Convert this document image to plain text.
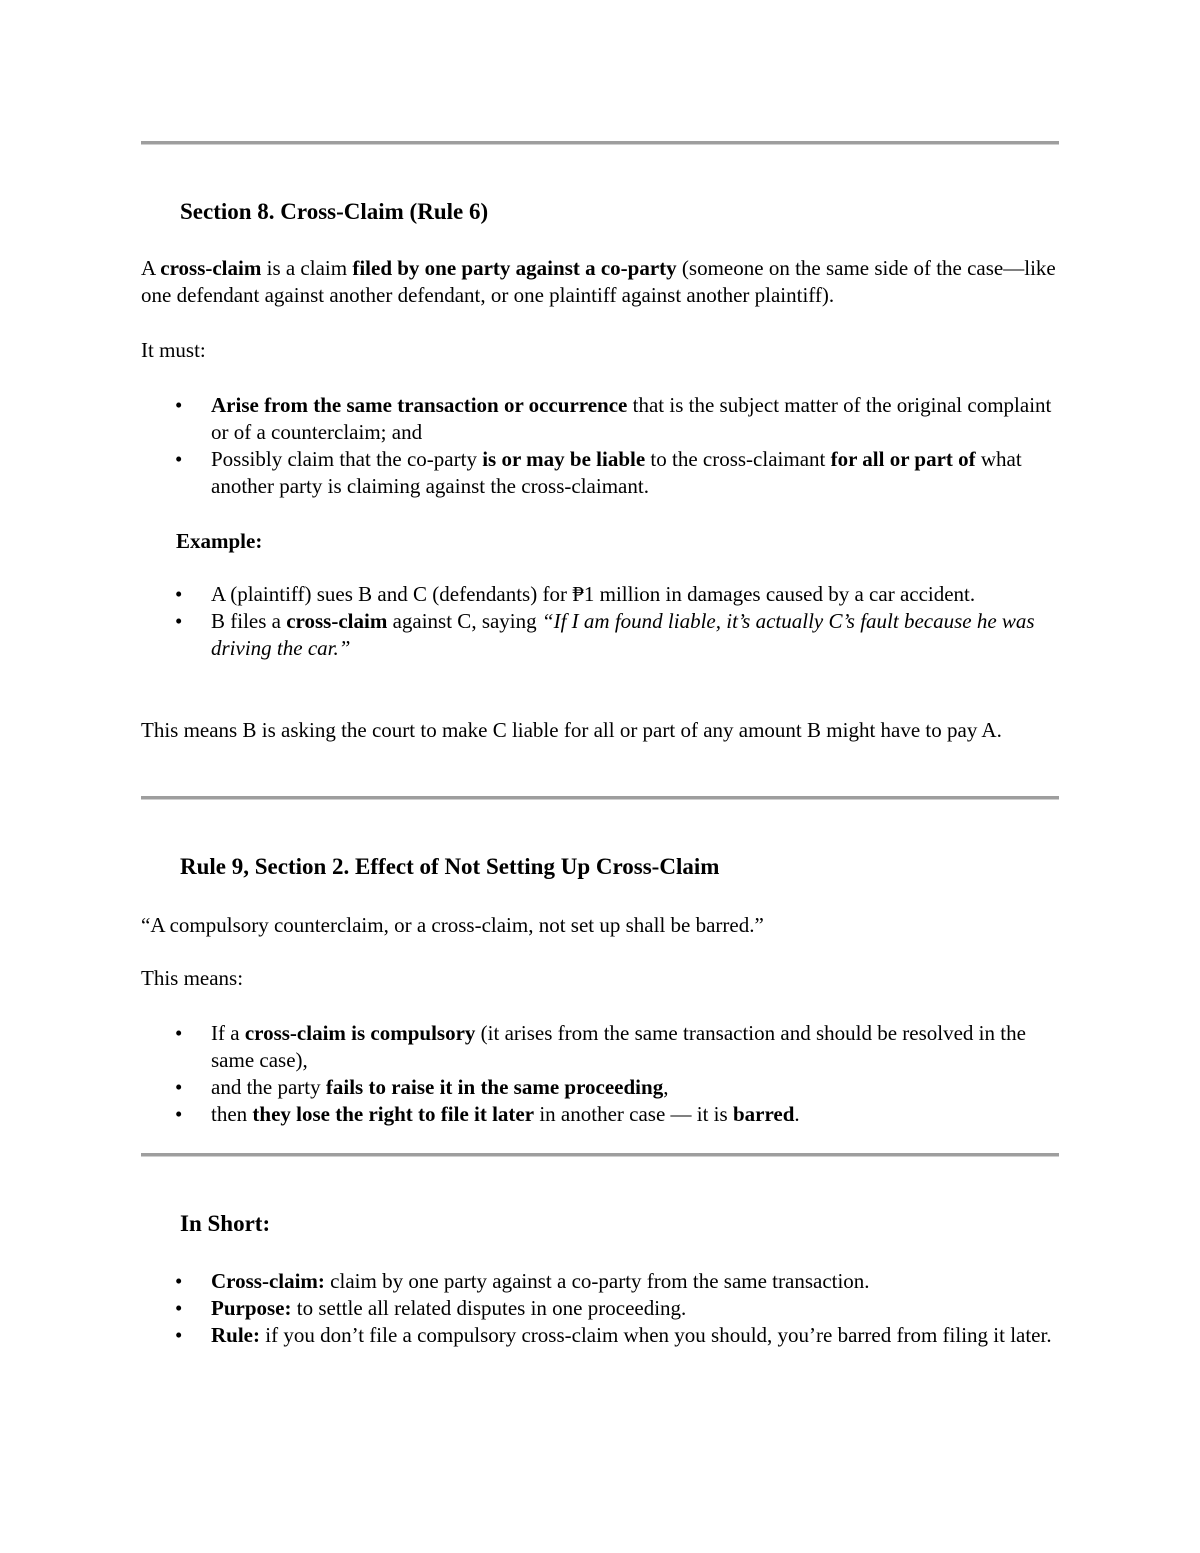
Section 8. Cross-Claim (Rule 6)

A cross-claim is a claim filed by one party against a co-party (someone on the same side of the case—like one defendant against another defendant, or one plaintiff against another plaintiff).

It must:

• Arise from the same transaction or occurrence that is the subject matter of the original complaint or of a counterclaim; and
• Possibly claim that the co-party is or may be liable to the cross-claimant for all or part of what another party is claiming against the cross-claimant.

Example:

• A (plaintiff) sues B and C (defendants) for ₱1 million in damages caused by a car accident.
• B files a cross-claim against C, saying “If I am found liable, it’s actually C’s fault because he was driving the car.”

This means B is asking the court to make C liable for all or part of any amount B might have to pay A.

Rule 9, Section 2. Effect of Not Setting Up Cross-Claim

“A compulsory counterclaim, or a cross-claim, not set up shall be barred.”

This means:

• If a cross-claim is compulsory (it arises from the same transaction and should be resolved in the same case),
• and the party fails to raise it in the same proceeding,
• then they lose the right to file it later in another case — it is barred.
In Short:
• Cross-claim: claim by one party against a co-party from the same transaction.
• Purpose: to settle all related disputes in one proceeding.
• Rule: if you don’t file a compulsory cross-claim when you should, you’re barred from filing it later.
